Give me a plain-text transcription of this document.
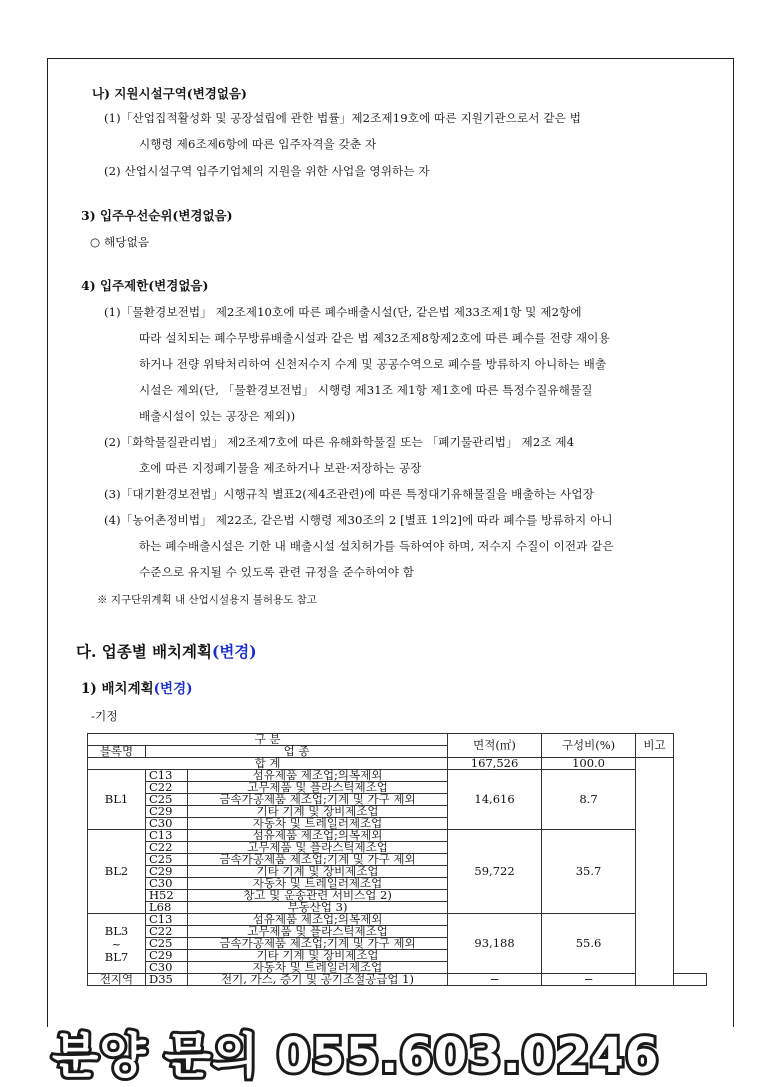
나) 지원시설구역(변경없음)
(1)「산업집적활성화 및 공장설립에 관한 법률」제2조제19호에 따른 지원기관으로서 같은 법
시행령 제6조제6항에 따른 입주자격을 갖춘 자
(2) 산업시설구역 입주기업체의 지원을 위한 사업을 영위하는 자
3) 입주우선순위(변경없음)
○ 해당없음
4) 입주제한(변경없음)
(1)「물환경보전법」 제2조제10호에 따른 폐수배출시설(단, 같은법 제33조제1항 및 제2항에
따라 설치되는 폐수무방류배출시설과 같은 법 제32조제8항제2호에 따른 폐수를 전량 재이용
하거나 전량 위탁처리하여 신천저수지 수계 및 공공수역으로 폐수를 방류하지 아니하는 배출
시설은 제외(단, 「물환경보전법」 시행령 제31조 제1항 제1호에 따른 특정수질유해물질
배출시설이 있는 공장은 제외))
(2)「화학물질관리법」 제2조제7호에 따른 유해화학물질 또는 「폐기물관리법」 제2조 제4
호에 따른 지정폐기물을 제조하거나 보관·저장하는 공장
(3)「대기환경보전법」시행규칙 별표2(제4조관련)에 따른 특정대기유해물질을 배출하는 사업장
(4)「농어촌정비법」 제22조, 같은법 시행령 제30조의 2 [별표 1의2]에 따라 폐수를 방류하지 아니
하는 폐수배출시설은 기한 내 배출시설 설치허가를 득하여야 하며, 저수지 수질이 이전과 같은
수준으로 유지될 수 있도록 관련 규정을 준수하여야 함
※ 지구단위계획 내 산업시설용지 불허용도 참고
다. 업종별 배치계획(변경)
1) 배치계획(변경)
-기정
구 분			면적(㎡)	구성비(%)	비고	
블록명	업 종					
합 계			167,526	100.0		
BL1	C13	섬유제품 제조업;의복제외	14,616	8.7		
	C22	고무제품 및 플라스틱제조업				
	C25	금속가공제품 제조업;기계 및 가구 제외				
	C29	기타 기계 및 장비제조업				
	C30	자동차 및 트레일러제조업				
BL2	C13	섬유제품 제조업;의복제외	59,722	35.7		
	C22	고무제품 및 플라스틱제조업				
	C25	금속가공제품 제조업;기계 및 가구 제외				
	C29	기타 기계 및 장비제조업				
	C30	자동차 및 트레일러제조업				
	H52	창고 및 운송관련 서비스업 2)				
	L68	부동산업 3)				

BL3
~
BL7	C13	섬유제품 제조업;의복제외	93,188	55.6		
	C22	고무제품 및 플라스틱제조업				
	C25	금속가공제품 제조업;기계 및 가구 제외				
	C29	기타 기계 및 장비제조업				
	C30	자동차 및 트레일러제조업				
전지역	D35	전기, 가스, 증기 및 공기조절공급업 1)	−	−		
분양 문의 055.603.0246
